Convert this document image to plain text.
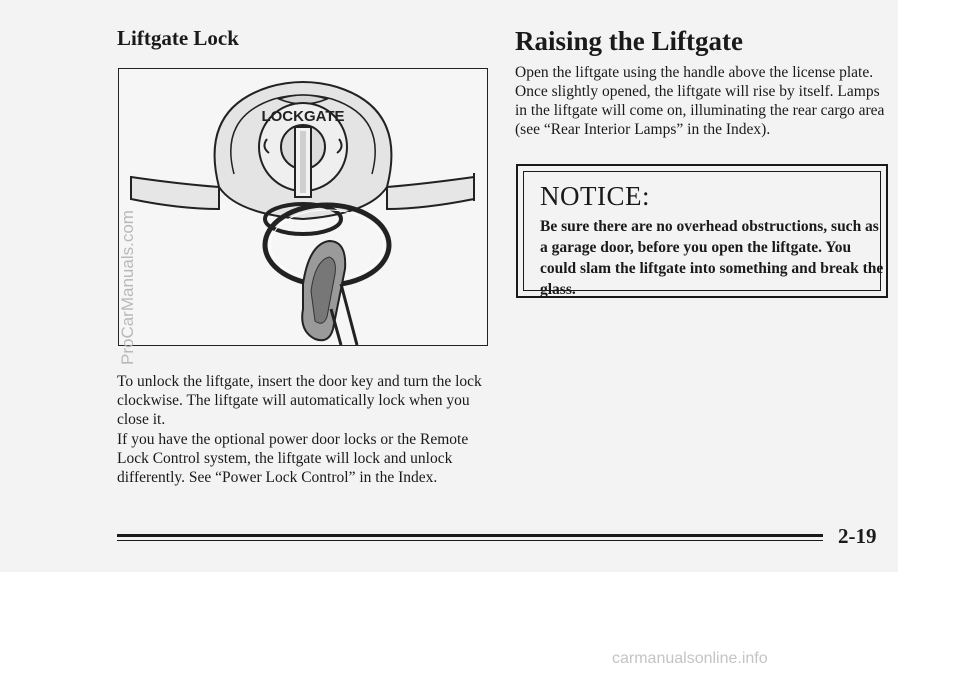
Liftgate Lock
LOCKGATE

To unlock the liftgate, insert the door key and turn the lock clockwise. The liftgate will automatically lock when you close it.

If you have the optional power door locks or the Remote Lock Control system, the liftgate will lock and unlock differently. See “Power Lock Control” in the Index.

Raising the Liftgate

Open the liftgate using the handle above the license plate. Once slightly opened, the liftgate will rise by itself. Lamps in the liftgate will come on, illuminating the rear cargo area (see “Rear Interior Lamps” in the Index).

NOTICE:

Be sure there are no overhead obstructions, such as a garage door, before you open the liftgate. You could slam the liftgate into something and break the glass.

2-19
ProCarManuals.com
carmanualsonline.info
